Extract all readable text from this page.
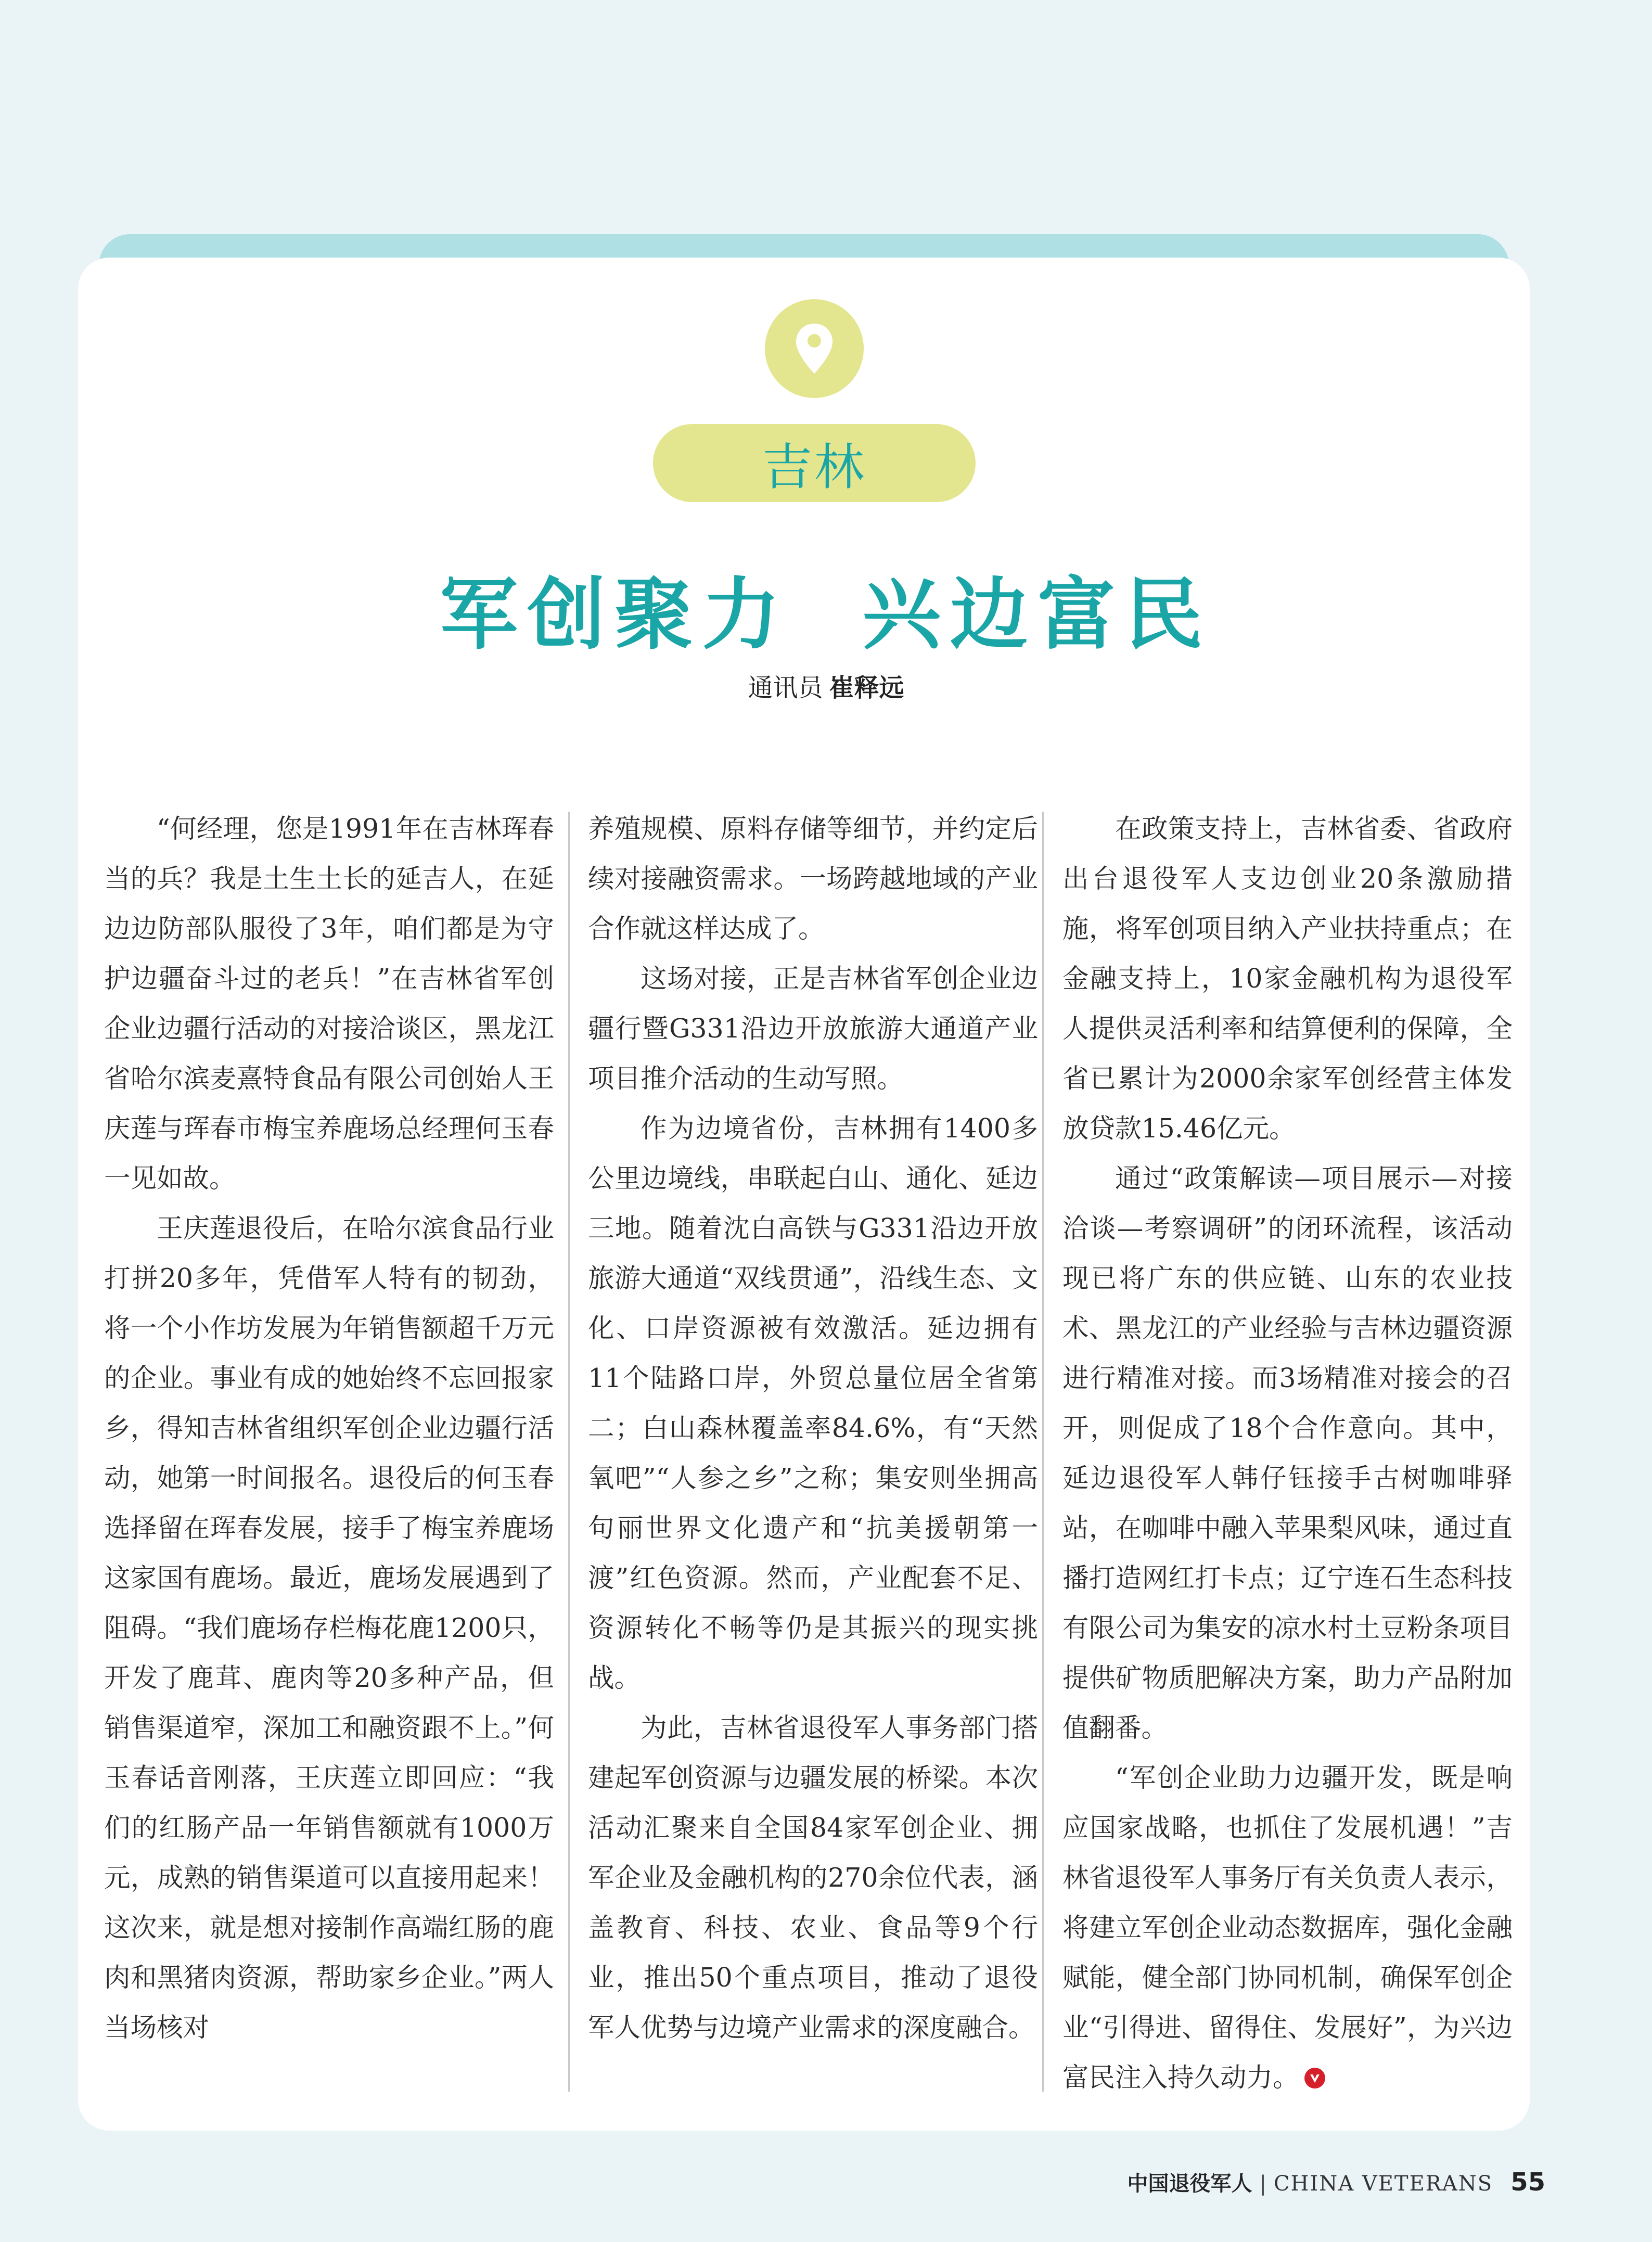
吉林
军创聚力  兴边富民
通讯员 崔释远

“何经理，您是1991年在吉林珲春当的兵？我是土生土长的延吉人，在延边边防部队服役了3年，咱们都是为守护边疆奋斗过的老兵！”在吉林省军创企业边疆行活动的对接洽谈区，黑龙江省哈尔滨麦熹特食品有限公司创始人王庆莲与珲春市梅宝养鹿场总经理何玉春一见如故。

王庆莲退役后，在哈尔滨食品行业打拼20多年，凭借军人特有的韧劲，将一个小作坊发展为年销售额超千万元的企业。事业有成的她始终不忘回报家乡，得知吉林省组织军创企业边疆行活动，她第一时间报名。退役后的何玉春选择留在珲春发展，接手了梅宝养鹿场这家国有鹿场。最近，鹿场发展遇到了阻碍。“我们鹿场存栏梅花鹿1200只，开发了鹿茸、鹿肉等20多种产品，但销售渠道窄，深加工和融资跟不上。”何玉春话音刚落，王庆莲立即回应：“我们的红肠产品一年销售额就有1000万元，成熟的销售渠道可以直接用起来！这次来，就是想对接制作高端红肠的鹿肉和黑猪肉资源，帮助家乡企业。”两人当场核对

养殖规模、原料存储等细节，并约定后续对接融资需求。一场跨越地域的产业合作就这样达成了。

这场对接，正是吉林省军创企业边疆行暨G331沿边开放旅游大通道产业项目推介活动的生动写照。

作为边境省份，吉林拥有1400多公里边境线，串联起白山、通化、延边三地。随着沈白高铁与G331沿边开放旅游大通道“双线贯通”，沿线生态、文化、口岸资源被有效激活。延边拥有11个陆路口岸，外贸总量位居全省第二；白山森林覆盖率84.6%，有“天然氧吧”“人参之乡”之称；集安则坐拥高句丽世界文化遗产和“抗美援朝第一渡”红色资源。然而，产业配套不足、资源转化不畅等仍是其振兴的现实挑战。

为此，吉林省退役军人事务部门搭建起军创资源与边疆发展的桥梁。本次活动汇聚来自全国84家军创企业、拥军企业及金融机构的270余位代表，涵盖教育、科技、农业、食品等9个行业，推出50个重点项目，推动了退役军人优势与边境产业需求的深度融合。

在政策支持上，吉林省委、省政府出台退役军人支边创业20条激励措施，将军创项目纳入产业扶持重点；在金融支持上，10家金融机构为退役军人提供灵活利率和结算便利的保障，全省已累计为2000余家军创经营主体发放贷款15.46亿元。

通过“政策解读—项目展示—对接洽谈—考察调研”的闭环流程，该活动现已将广东的供应链、山东的农业技术、黑龙江的产业经验与吉林边疆资源进行精准对接。而3场精准对接会的召开，则促成了18个合作意向。其中，延边退役军人韩仔钰接手古树咖啡驿站，在咖啡中融入苹果梨风味，通过直播打造网红打卡点；辽宁连石生态科技有限公司为集安的凉水村土豆粉条项目提供矿物质肥解决方案，助力产品附加值翻番。

“军创企业助力边疆开发，既是响应国家战略，也抓住了发展机遇！”吉林省退役军人事务厅有关负责人表示，将建立军创企业动态数据库，强化金融赋能，健全部门协同机制，确保军创企业“引得进、留得住、发展好”，为兴边富民注入持久动力。

中国退役军人 | CHINA VETERANS 55
